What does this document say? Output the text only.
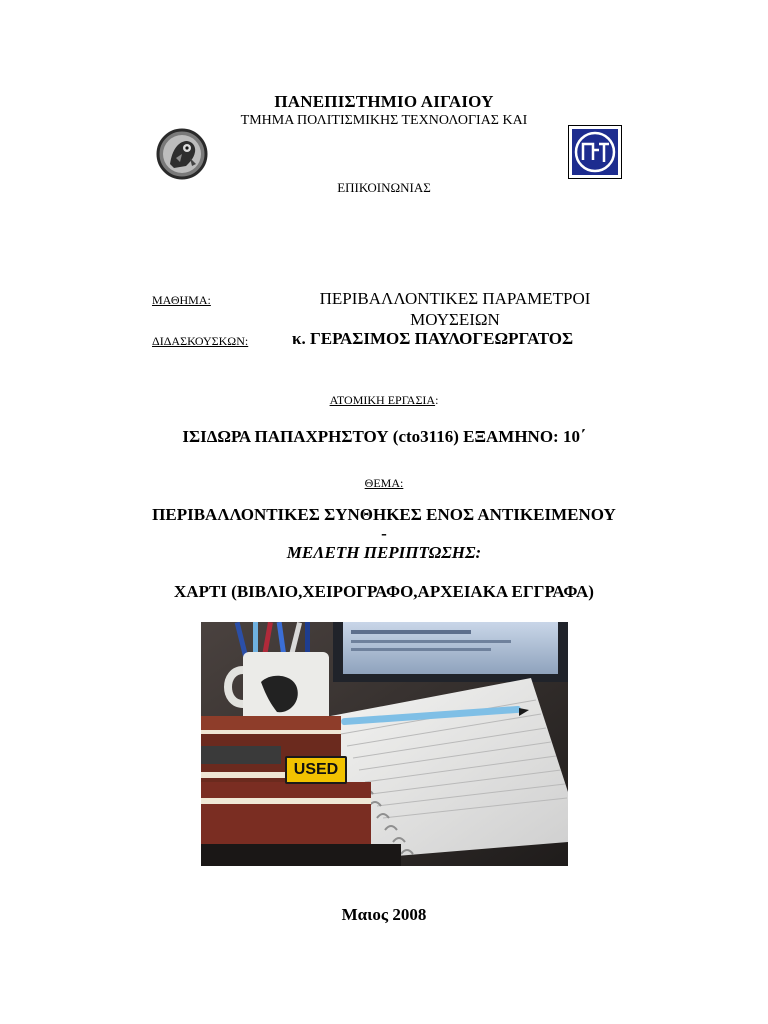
ΠΑΝΕΠΙΣΤΗΜΙΟ ΑΙΓΑΙΟΥ
ΤΜΗΜΑ ΠΟΛΙΤΙΣΜΙΚΗΣ ΤΕΧΝΟΛΟΓΙΑΣ ΚΑΙ
ΕΠΙΚΟΙΝΩΝΙΑΣ
ΜΑΘΗΜΑ:	ΠΕΡΙΒΑΛΛΟΝΤΙΚΕΣ ΠΑΡΑΜΕΤΡΟΙ
ΜΟΥΣΕΙΩΝ
ΔΙΔΑΣΚΟΥΣΚΩΝ:	κ. ΓΕΡΑΣΙΜΟΣ ΠΑΥΛΟΓΕΩΡΓΑΤΟΣ
ΑΤΟΜΙΚΗ ΕΡΓΑΣΙΑ:
ΙΣΙΔΩΡΑ ΠΑΠΑΧΡΗΣΤΟΥ (cto3116) ΕΞΑΜΗΝΟ: 10΄
ΘΕΜΑ:
ΠΕΡΙΒΑΛΛΟΝΤΙΚΕΣ ΣΥΝΘΗΚΕΣ ΕΝΟΣ ΑΝΤΙΚΕΙΜΕΝΟΥ
-
ΜΕΛΕΤΗ ΠΕΡΙΠΤΩΣΗΣ:
ΧΑΡΤΙ (ΒΙΒΛΙΟ,ΧΕΙΡΟΓΡΑΦΟ,ΑΡΧΕΙΑΚΑ ΕΓΓΡΑΦΑ)
USED
Μαιος 2008
